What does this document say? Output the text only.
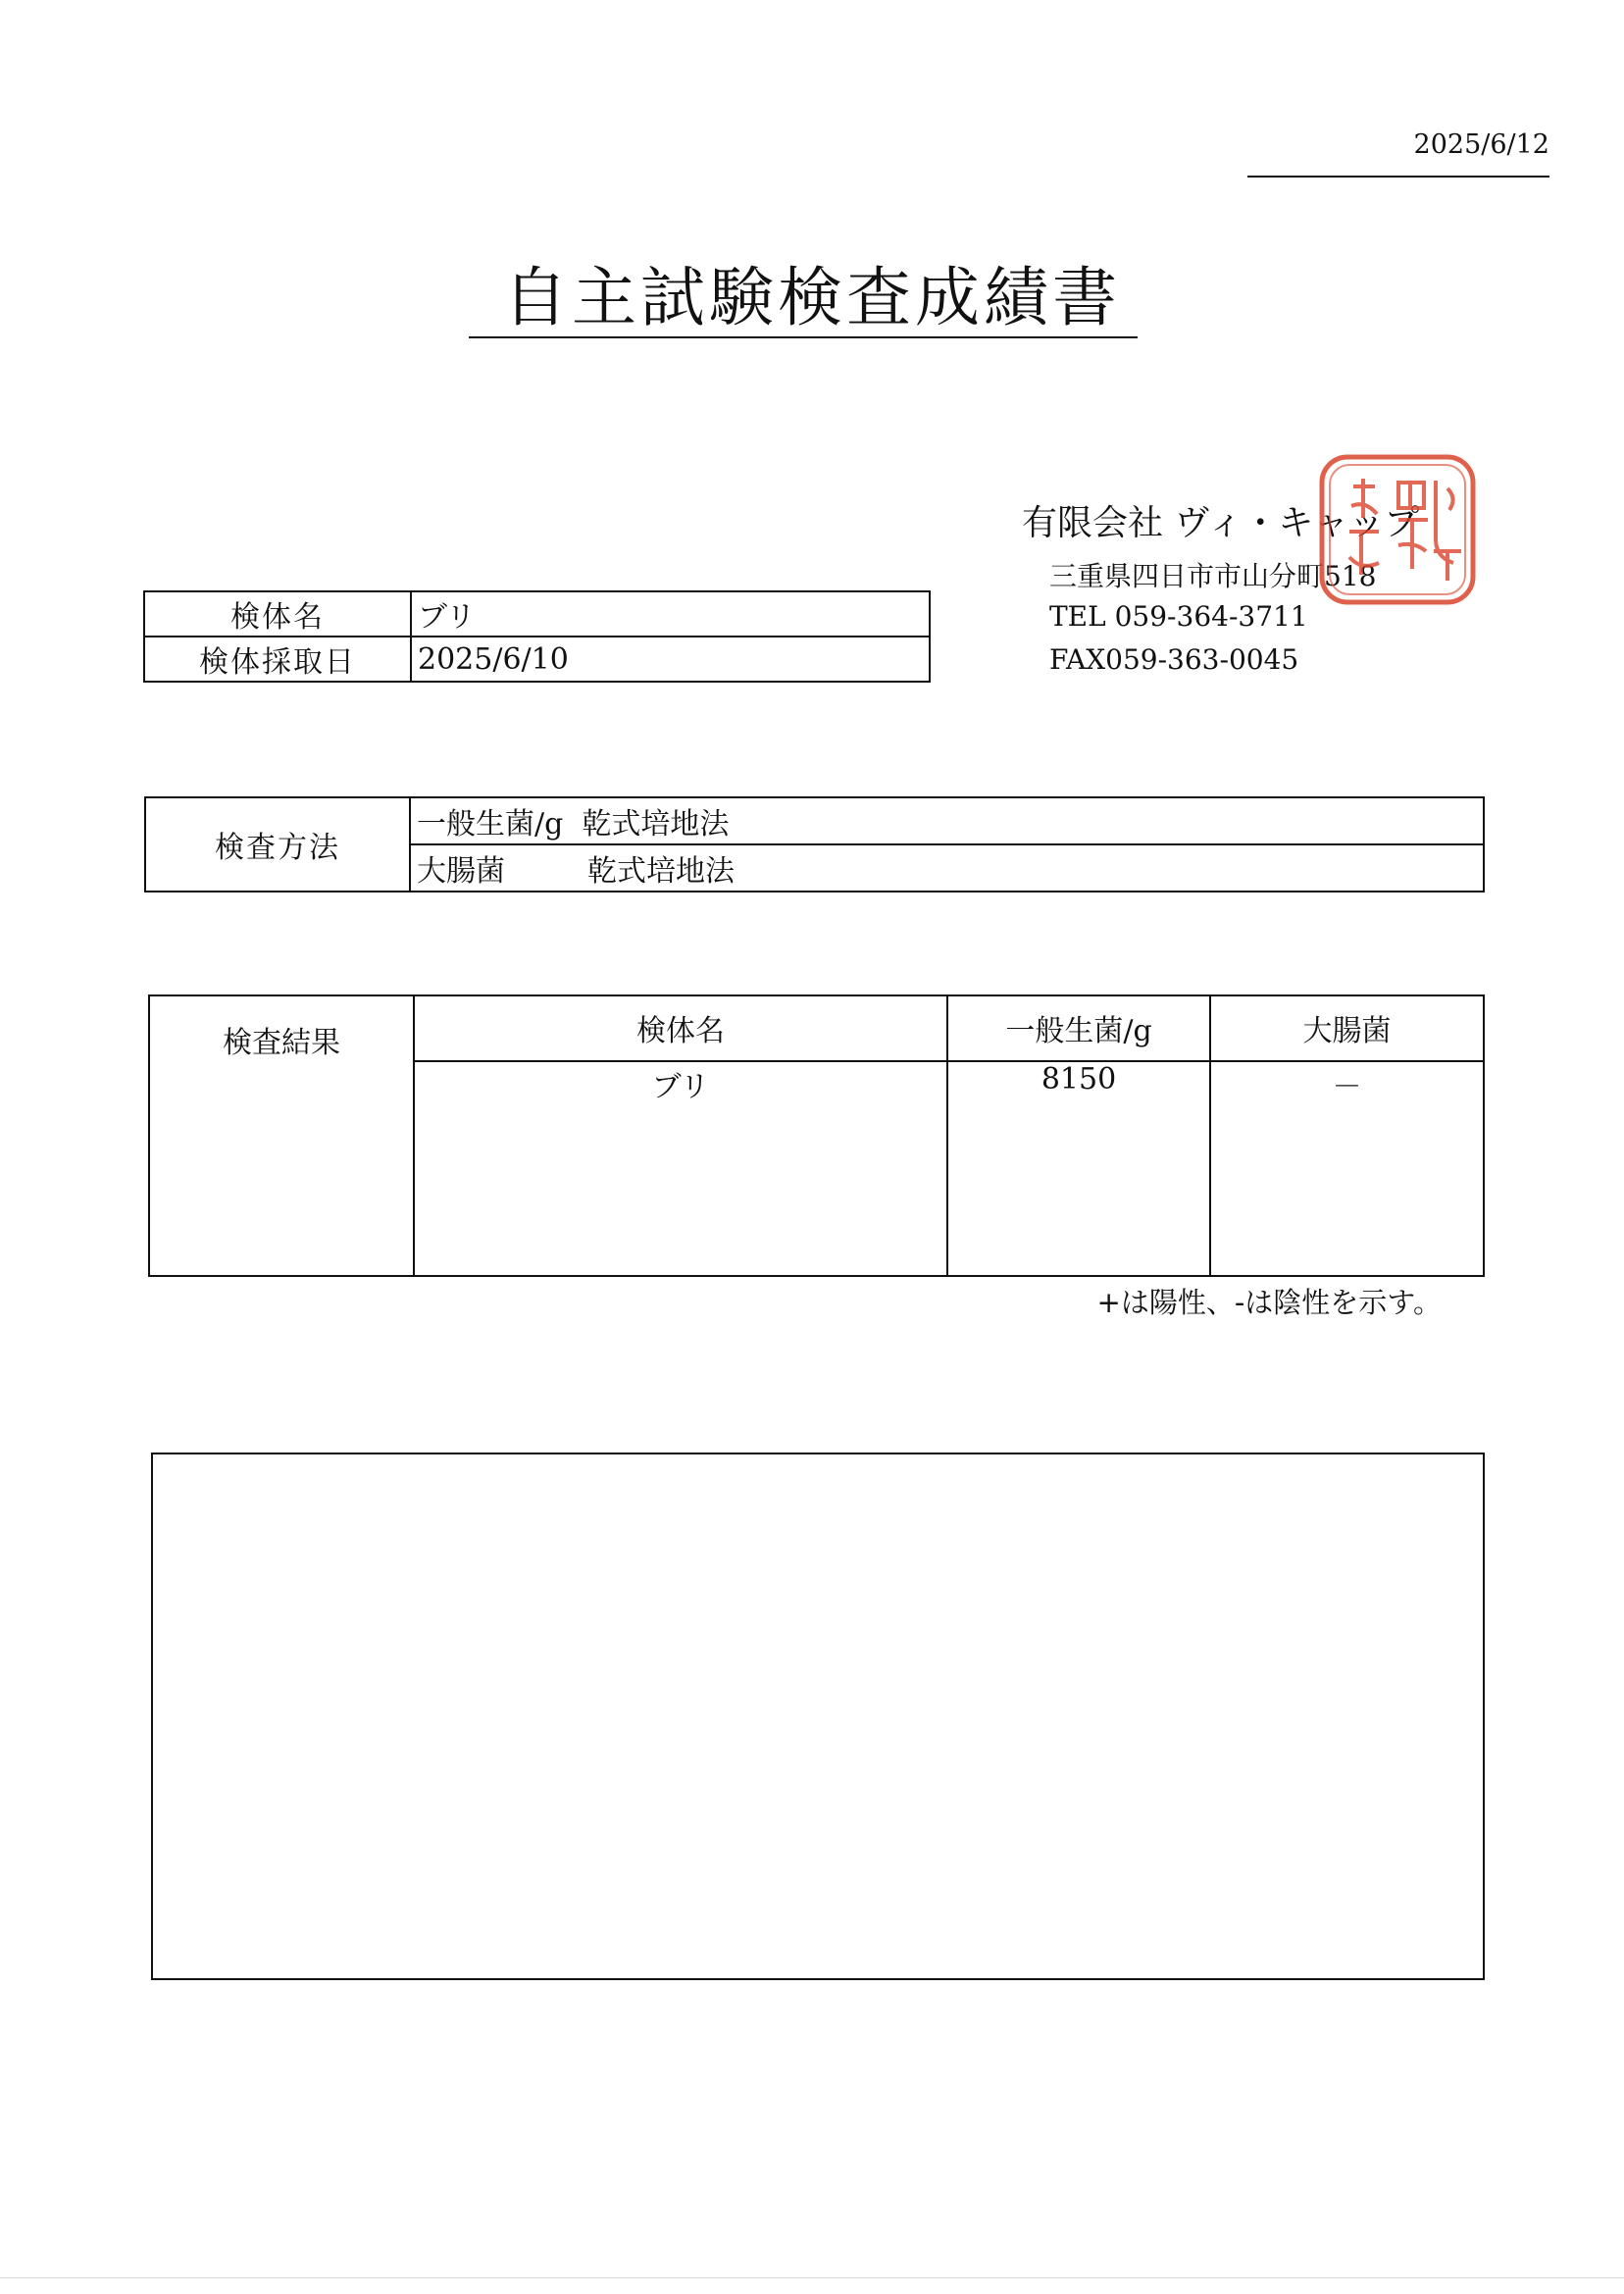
2025/6/12
自主試験検査成績書
有限会社 ヴィ・キャップ
三重県四日市市山分町518
TEL 059-364-3711
FAX059-363-0045
検体名	ブリ
検体採取日	2025/6/10
検査方法	一般生菌/g 乾式培地法
大腸菌	乾式培地法
検査結果	検体名	一般生菌/g	大腸菌
	ブリ	8150	－
+は陽性、-は陰性を示す。
